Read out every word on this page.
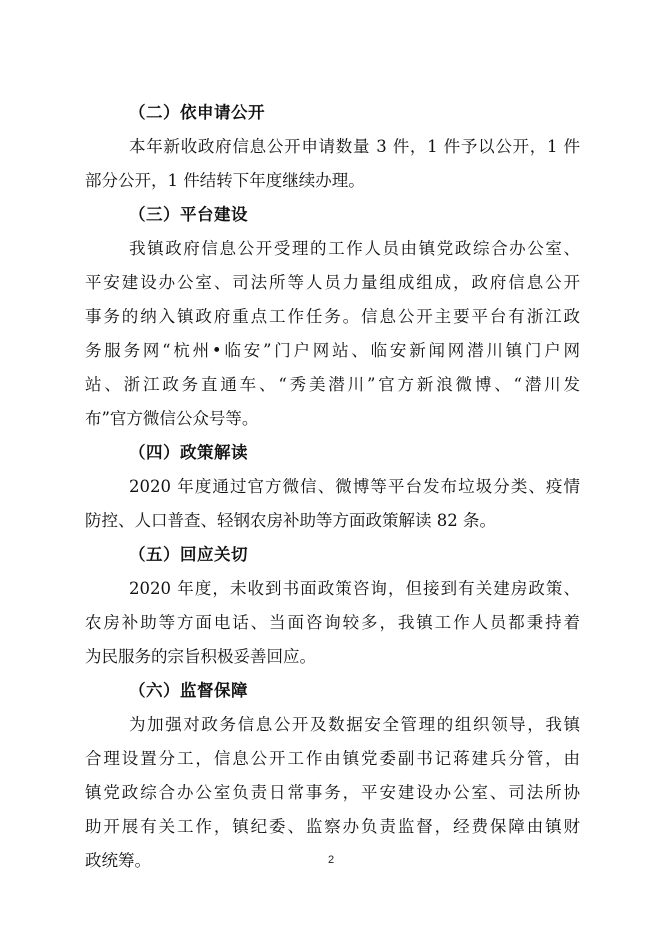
（二）依申请公开

本年新收政府信息公开申请数量 3 件，1 件予以公开，1 件
部分公开，1 件结转下年度继续办理。

（三）平台建设

我镇政府信息公开受理的工作人员由镇党政综合办公室、
平安建设办公室、司法所等人员力量组成组成，政府信息公开
事务的纳入镇政府重点工作任务。信息公开主要平台有浙江政
务服务网“杭州•临安”门户网站、临安新闻网潜川镇门户网
站、浙江政务直通车、“秀美潜川”官方新浪微博、“潜川发
布”官方微信公众号等。

（四）政策解读

2020 年度通过官方微信、微博等平台发布垃圾分类、疫情
防控、人口普查、轻钢农房补助等方面政策解读 82 条。

（五）回应关切

2020 年度，未收到书面政策咨询，但接到有关建房政策、
农房补助等方面电话、当面咨询较多，我镇工作人员都秉持着
为民服务的宗旨积极妥善回应。

（六）监督保障

为加强对政务信息公开及数据安全管理的组织领导，我镇
合理设置分工，信息公开工作由镇党委副书记蒋建兵分管，由
镇党政综合办公室负责日常事务，平安建设办公室、司法所协
助开展有关工作，镇纪委、监察办负责监督，经费保障由镇财
政统筹。	2
